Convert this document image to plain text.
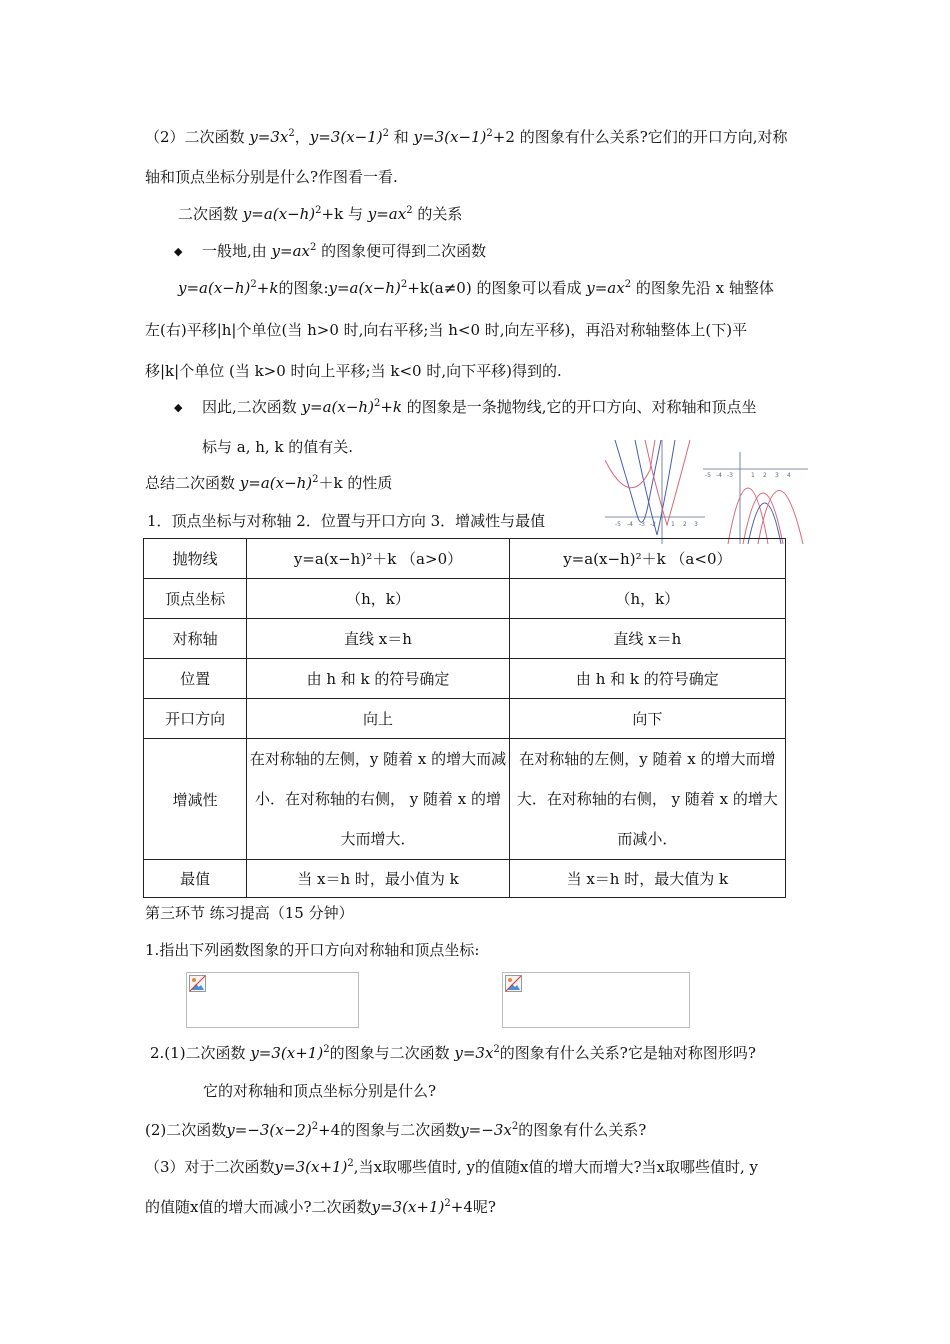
（2）二次函数 $y=3x^2$，$y=3(x-1)^2$ 和 $y=3(x-1)^2+2$ 的图象有什么关系?它们的开口方向,对称
轴和顶点坐标分别是什么?作图看一看.
二次函数 $y=a(x-h)^2+k$ 与 $y=ax^2$ 的关系
◆ 一般地,由 $y=ax^2$ 的图象便可得到二次函数
$y=a(x-h)^2+k$的图象$:y=a(x-h)^2+k(a\ne 0)$ 的图象可以看成 $y=ax^2$ 的图象先沿 x 轴整体
左(右)平移|h|个单位(当 h>0 时,向右平移;当 h<0 时,向左平移)，再沿对称轴整体上(下)平
移|k|个单位 (当 k>0 时向上平移;当 k<0 时,向下平移)得到的.
◆ 因此,二次函数 $y=a(x-h)^2+k$ 的图象是一条抛物线,它的开口方向、对称轴和顶点坐
标与 a, h, k 的值有关.
-5 -4 -3 -2	1 2 3
-5 -4 -3	1 2 3 4
总结二次函数 $y=a(x-h)^2+k$ 的性质
1．顶点坐标与对称轴 2．位置与开口方向 3．增减性与最值
抛物线	y=a(x−h)²＋k （a>0）	y=a(x−h)²＋k （a<0）
顶点坐标	（h，k）	（h，k）
对称轴	直线 x＝h	直线 x＝h
位置	由 h 和 k 的符号确定	由 h 和 k 的符号确定
开口方向	向上	向下
增减性	在对称轴的左侧，y 随着 x 的增大而减小．在对称轴的右侧， y 随着 x 的增大而增大．	在对称轴的左侧，y 随着 x 的增大而增大．在对称轴的右侧， y 随着 x 的增大而减小．
最值	当 x＝h 时，最小值为 k	当 x＝h 时，最大值为 k
第三环节 练习提高（15 分钟）
1.指出下列函数图象的开口方向对称轴和顶点坐标:
2.(1)二次函数 $y=3(x+1)^2$的图象与二次函数 $y=3x^2$的图象有什么关系?它是轴对称图形吗?
它的对称轴和顶点坐标分别是什么?
(2)二次函数$y=-3(x-2)^2+4$的图象与二次函数$y=-3x^2$的图象有什么关系?
（3）对于二次函数$y=3(x+1)^2$,当x取哪些值时, y的值随x值的增大而增大?当x取哪些值时, y
的值随x值的增大而减小?二次函数$y=3(x+1)^2+4$呢?
